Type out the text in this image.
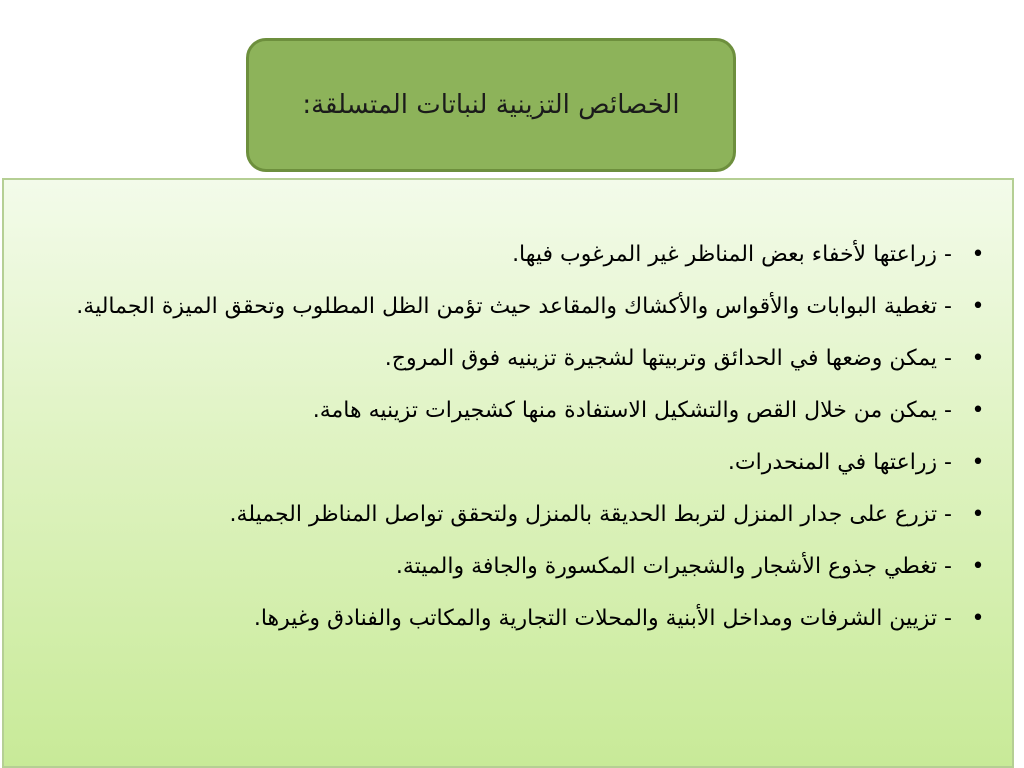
الخصائص التزينية لنباتات المتسلقة:
•
- زراعتها لأخفاء بعض المناظر غير المرغوب فيها.
•
- تغطية البوابات والأقواس والأكشاك والمقاعد حيث تؤمن الظل المطلوب وتحقق الميزة الجمالية.
•
- يمكن وضعها في الحدائق وتربيتها لشجيرة تزينيه فوق المروج.
•
- يمكن من خلال القص والتشكيل الاستفادة منها كشجيرات تزينيه هامة.
•
- زراعتها في المنحدرات.
•
- تزرع على جدار المنزل لتربط الحديقة بالمنزل ولتحقق تواصل المناظر الجميلة.
•
- تغطي جذوع الأشجار والشجيرات المكسورة والجافة والميتة.
•
- تزيين الشرفات ومداخل الأبنية والمحلات التجارية والمكاتب والفنادق وغيرها.
